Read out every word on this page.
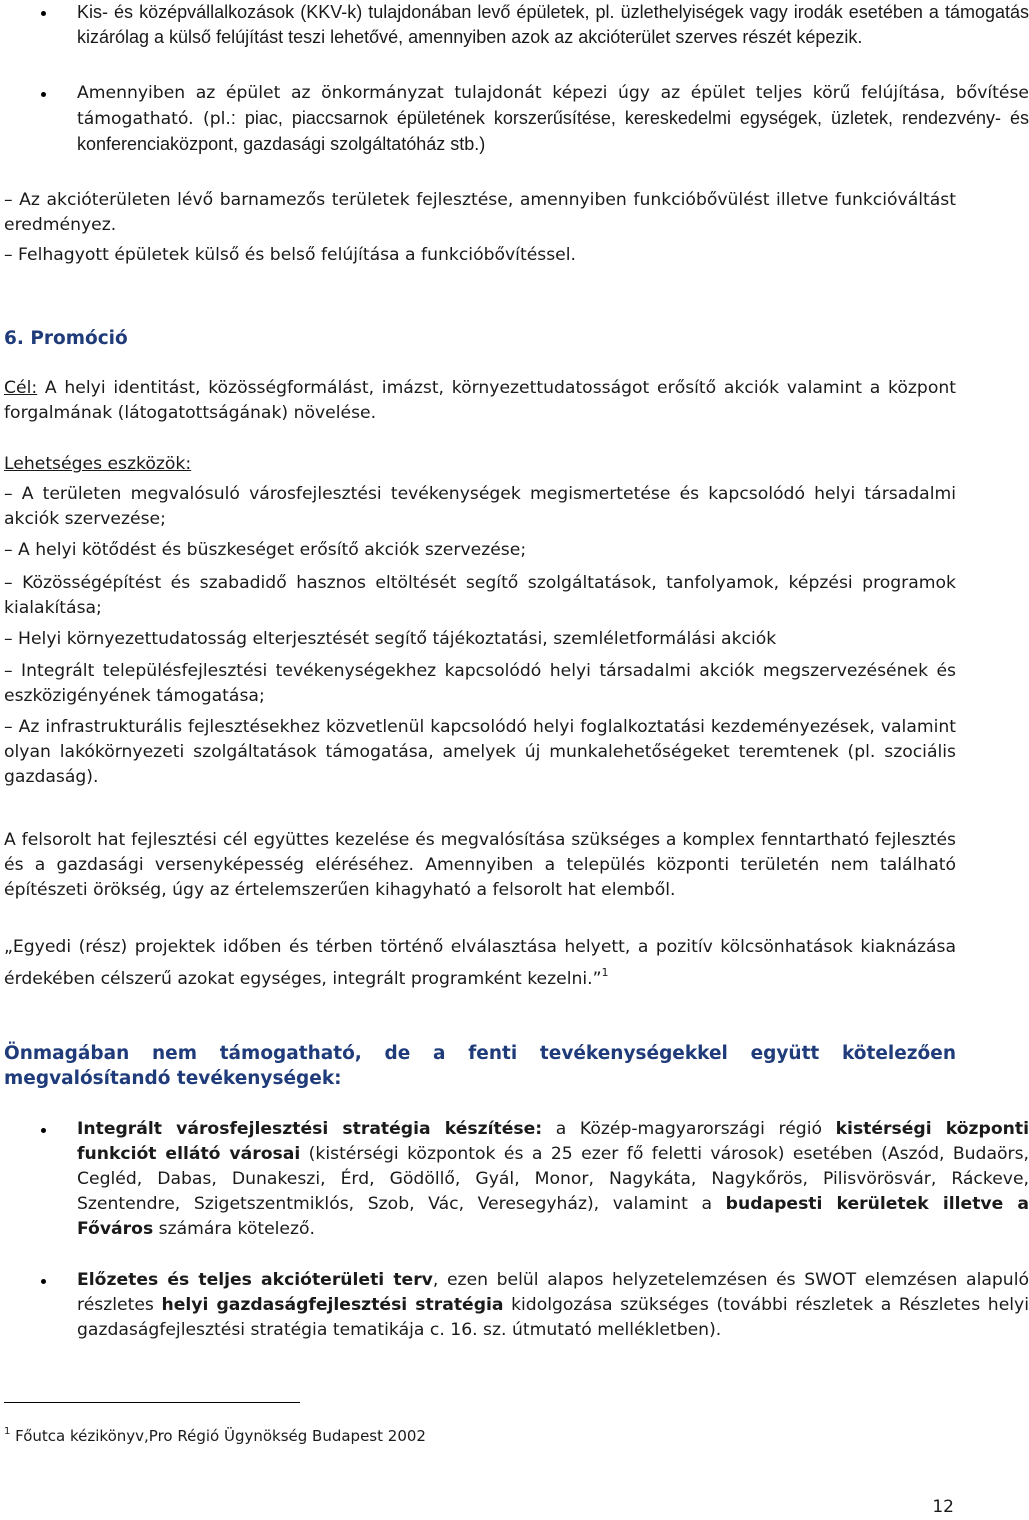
Kis- és középvállalkozások (KKV-k) tulajdonában levő épületek, pl. üzlethelyiségek vagy irodák esetében a támogatás kizárólag a külső felújítást teszi lehetővé, amennyiben azok az akcióterület szerves részét képezik.
Amennyiben az épület az önkormányzat tulajdonát képezi úgy az épület teljes körű felújítása, bővítése támogatható. (pl.: piac, piaccsarnok épületének korszerűsítése, kereskedelmi egységek, üzletek, rendezvény- és konferenciaközpont, gazdasági szolgáltatóház stb.)

– Az akcióterületen lévő barnamezős területek fejlesztése, amennyiben funkcióbővülést illetve funkcióváltást eredményez.

– Felhagyott épületek külső és belső felújítása a funkcióbővítéssel.

6. Promóció

Cél: A helyi identitást, közösségformálást, imázst, környezettudatosságot erősítő akciók valamint a központ forgalmának (látogatottságának) növelése.

Lehetséges eszközök:

– A területen megvalósuló városfejlesztési tevékenységek megismertetése és kapcsolódó helyi társadalmi akciók szervezése;

– A helyi kötődést és büszkeséget erősítő akciók szervezése;

– Közösségépítést és szabadidő hasznos eltöltését segítő szolgáltatások, tanfolyamok, képzési programok kialakítása;

– Helyi környezettudatosság elterjesztését segítő tájékoztatási, szemléletformálási akciók

– Integrált településfejlesztési tevékenységekhez kapcsolódó helyi társadalmi akciók megszervezésének és eszközigényének támogatása;

– Az infrastrukturális fejlesztésekhez közvetlenül kapcsolódó helyi foglalkoztatási kezdeményezések, valamint olyan lakókörnyezeti szolgáltatások támogatása, amelyek új munkalehetőségeket teremtenek (pl. szociális gazdaság).

A felsorolt hat fejlesztési cél együttes kezelése és megvalósítása szükséges a komplex fenntartható fejlesztés és a gazdasági versenyképesség eléréséhez. Amennyiben a település központi területén nem található építészeti örökség, úgy az értelemszerűen kihagyható a felsorolt hat elemből.

„Egyedi (rész) projektek időben és térben történő elválasztása helyett, a pozitív kölcsönhatások kiaknázása érdekében célszerű azokat egységes, integrált programként kezelni.”$^1$

Önmagában nem támogatható, de a fenti tevékenységekkel együtt kötelezően megvalósítandó tevékenységek:

Integrált városfejlesztési stratégia készítése: a Közép-magyarországi régió kistérségi központi funkciót ellátó városai (kistérségi központok és a 25 ezer fő feletti városok) esetében (Aszód, Budaörs, Cegléd, Dabas, Dunakeszi, Érd, Gödöllő, Gyál, Monor, Nagykáta, Nagykőrös, Pilisvörösvár, Ráckeve, Szentendre, Szigetszentmiklós, Szob, Vác, Veresegyház), valamint a budapesti kerületek illetve a Főváros számára kötelező.
Előzetes és teljes akcióterületi terv, ezen belül alapos helyzetelemzésen és SWOT elemzésen alapuló részletes helyi gazdaságfejlesztési stratégia kidolgozása szükséges (további részletek a Részletes helyi gazdaságfejlesztési stratégia tematikája c. 16. sz. útmutató mellékletben).
$^1$ Főutca kézikönyv,Pro Régió Ügynökség Budapest 2002
12
